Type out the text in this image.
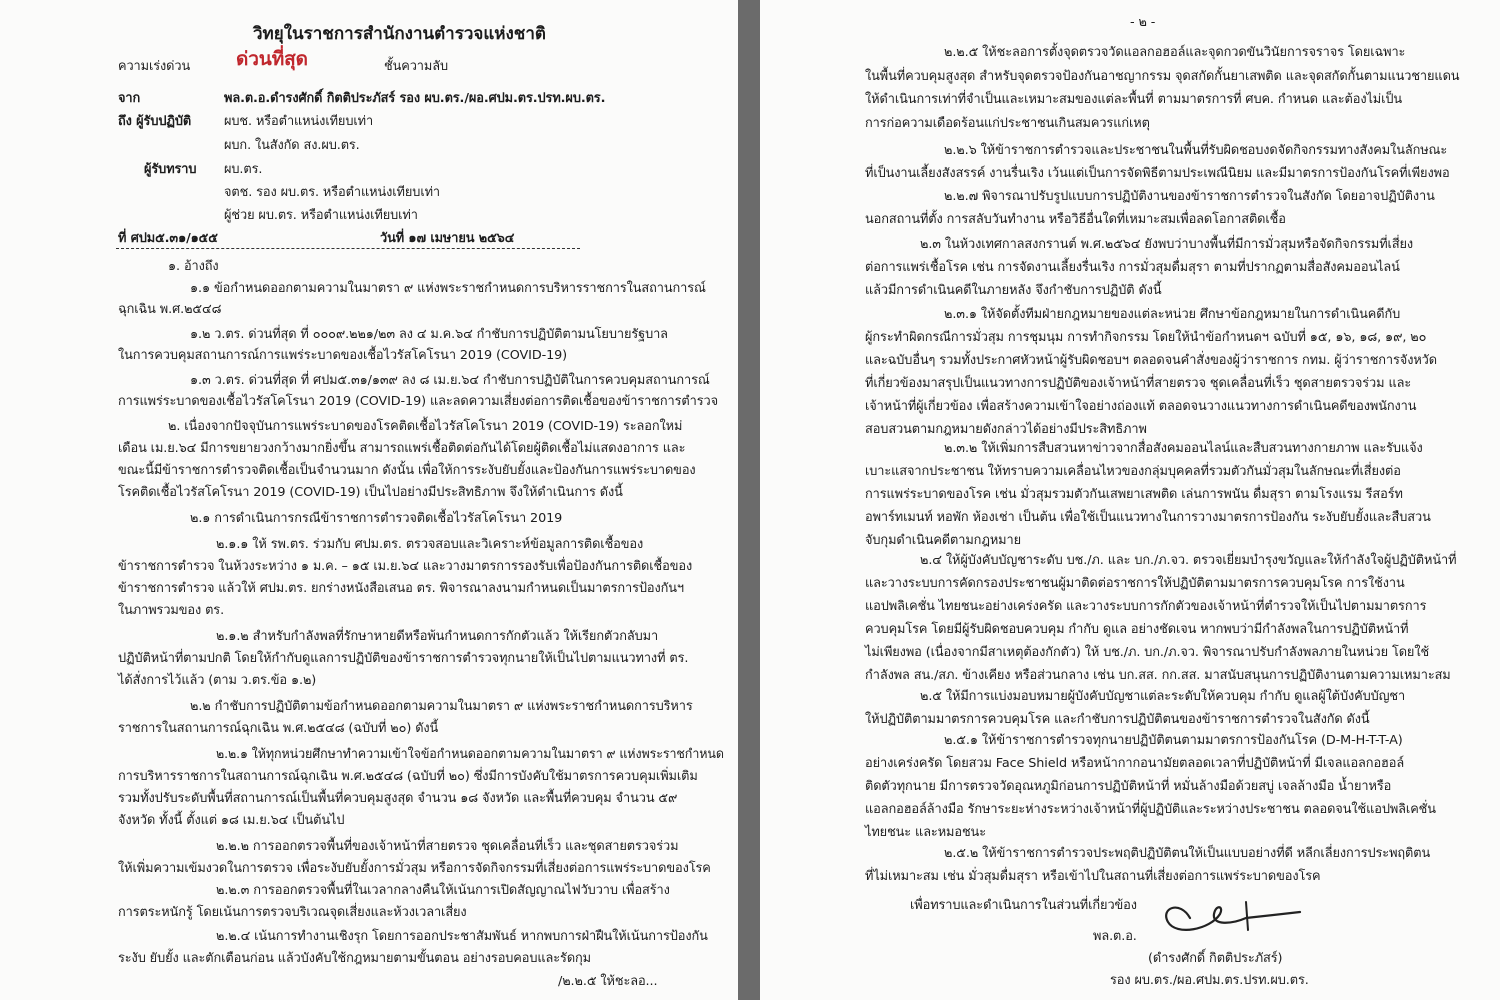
วิทยุในราชการสำนักงานตำรวจแห่งชาติ
ความเร่งด่วน ด่วนที่สุด	ชั้นความลับ
จาก	พล.ต.อ.ดำรงศักดิ์ กิตติประภัสร์ รอง ผบ.ตร./ผอ.ศปม.ตร.ปรท.ผบ.ตร.
ถึง ผู้รับปฏิบัติ	ผบช. หรือตำแหน่งเทียบเท่า
ผบก. ในสังกัด สง.ผบ.ตร.
ผู้รับทราบ ผบ.ตร.
จตช. รอง ผบ.ตร. หรือตำแหน่งเทียบเท่า
ผู้ช่วย ผบ.ตร. หรือตำแหน่งเทียบเท่า
ที่ ศปม๕.๓๑/๑๕๕	วันที่ ๑๗ เมษายน ๒๕๖๔
๑. อ้างถึง
๑.๑ ข้อกำหนดออกตามความในมาตรา ๙ แห่งพระราชกำหนดการบริหารราชการในสถานการณ์
ฉุกเฉิน พ.ศ.๒๕๔๘
๑.๒ ว.ตร. ด่วนที่สุด ที่ ๐๐๐๙.๒๒๑/๒๓ ลง ๔ ม.ค.๖๔ กำชับการปฏิบัติตามนโยบายรัฐบาล
ในการควบคุมสถานการณ์การแพร่ระบาดของเชื้อไวรัสโคโรนา 2019 (COVID-19)
๑.๓ ว.ตร. ด่วนที่สุด ที่ ศปม๕.๓๑/๑๓๙ ลง ๘ เม.ย.๖๔ กำชับการปฏิบัติในการควบคุมสถานการณ์
การแพร่ระบาดของเชื้อไวรัสโคโรนา 2019 (COVID-19) และลดความเสี่ยงต่อการติดเชื้อของข้าราชการตำรวจ
๒. เนื่องจากปัจจุบันการแพร่ระบาดของโรคติดเชื้อไวรัสโคโรนา 2019 (COVID-19) ระลอกใหม่
เดือน เม.ย.๖๔ มีการขยายวงกว้างมากยิ่งขึ้น สามารถแพร่เชื้อติดต่อกันได้โดยผู้ติดเชื้อไม่แสดงอาการ และ
ขณะนี้มีข้าราชการตำรวจติดเชื้อเป็นจำนวนมาก ดังนั้น เพื่อให้การระงับยับยั้งและป้องกันการแพร่ระบาดของ
โรคติดเชื้อไวรัสโคโรนา 2019 (COVID-19) เป็นไปอย่างมีประสิทธิภาพ จึงให้ดำเนินการ ดังนี้
๒.๑ การดำเนินการกรณีข้าราชการตำรวจติดเชื้อไวรัสโคโรนา 2019
๒.๑.๑ ให้ รพ.ตร. ร่วมกับ ศปม.ตร. ตรวจสอบและวิเคราะห์ข้อมูลการติดเชื้อของ
ข้าราชการตำรวจ ในห้วงระหว่าง ๑ ม.ค. – ๑๕ เม.ย.๖๔ และวางมาตรการรองรับเพื่อป้องกันการติดเชื้อของ
ข้าราชการตำรวจ แล้วให้ ศปม.ตร. ยกร่างหนังสือเสนอ ตร. พิจารณาลงนามกำหนดเป็นมาตรการป้องกันฯ
ในภาพรวมของ ตร.
๒.๑.๒ สำหรับกำลังพลที่รักษาหายดีหรือพ้นกำหนดการกักตัวแล้ว ให้เรียกตัวกลับมา
ปฏิบัติหน้าที่ตามปกติ โดยให้กำกับดูแลการปฏิบัติของข้าราชการตำรวจทุกนายให้เป็นไปตามแนวทางที่ ตร.
ได้สั่งการไว้แล้ว (ตาม ว.ตร.ข้อ ๑.๒)
๒.๒ กำชับการปฏิบัติตามข้อกำหนดออกตามความในมาตรา ๙ แห่งพระราชกำหนดการบริหาร
ราชการในสถานการณ์ฉุกเฉิน พ.ศ.๒๕๔๘ (ฉบับที่ ๒๐) ดังนี้
๒.๒.๑ ให้ทุกหน่วยศึกษาทำความเข้าใจข้อกำหนดออกตามความในมาตรา ๙ แห่งพระราชกำหนด
การบริหารราชการในสถานการณ์ฉุกเฉิน พ.ศ.๒๕๔๘ (ฉบับที่ ๒๐) ซึ่งมีการบังคับใช้มาตรการควบคุมเพิ่มเติม
รวมทั้งปรับระดับพื้นที่สถานการณ์เป็นพื้นที่ควบคุมสูงสุด จำนวน ๑๘ จังหวัด และพื้นที่ควบคุม จำนวน ๕๙
จังหวัด ทั้งนี้ ตั้งแต่ ๑๘ เม.ย.๖๔ เป็นต้นไป
๒.๒.๒ การออกตรวจพื้นที่ของเจ้าหน้าที่สายตรวจ ชุดเคลื่อนที่เร็ว และชุดสายตรวจร่วม
ให้เพิ่มความเข้มงวดในการตรวจ เพื่อระงับยับยั้งการมั่วสุม หรือการจัดกิจกรรมที่เสี่ยงต่อการแพร่ระบาดของโรค
๒.๒.๓ การออกตรวจพื้นที่ในเวลากลางคืนให้เน้นการเปิดสัญญาณไฟวับวาบ เพื่อสร้าง
การตระหนักรู้ โดยเน้นการตรวจบริเวณจุดเสี่ยงและห้วงเวลาเสี่ยง
๒.๒.๔ เน้นการทำงานเชิงรุก โดยการออกประชาสัมพันธ์ หากพบการฝ่าฝืนให้เน้นการป้องกัน
ระงับ ยับยั้ง และตักเตือนก่อน แล้วบังคับใช้กฎหมายตามขั้นตอน อย่างรอบคอบและรัดกุม
/๒.๒.๕ ให้ชะลอ...
- ๒ -
๒.๒.๕ ให้ชะลอการตั้งจุดตรวจวัดแอลกอฮอล์และจุดกวดขันวินัยการจราจร โดยเฉพาะ
ในพื้นที่ควบคุมสูงสุด สำหรับจุดตรวจป้องกันอาชญากรรม จุดสกัดกั้นยาเสพติด และจุดสกัดกั้นตามแนวชายแดน
ให้ดำเนินการเท่าที่จำเป็นและเหมาะสมของแต่ละพื้นที่ ตามมาตรการที่ ศบค. กำหนด และต้องไม่เป็น
การก่อความเดือดร้อนแก่ประชาชนเกินสมควรแก่เหตุ
๒.๒.๖ ให้ข้าราชการตำรวจและประชาชนในพื้นที่รับผิดชอบงดจัดกิจกรรมทางสังคมในลักษณะ
ที่เป็นงานเลี้ยงสังสรรค์ งานรื่นเริง เว้นแต่เป็นการจัดพิธีตามประเพณีนิยม และมีมาตรการป้องกันโรคที่เพียงพอ
๒.๒.๗ พิจารณาปรับรูปแบบการปฏิบัติงานของข้าราชการตำรวจในสังกัด โดยอาจปฏิบัติงาน
นอกสถานที่ตั้ง การสลับวันทำงาน หรือวิธีอื่นใดที่เหมาะสมเพื่อลดโอกาสติดเชื้อ
๒.๓ ในห้วงเทศกาลสงกรานต์ พ.ศ.๒๕๖๔ ยังพบว่าบางพื้นที่มีการมั่วสุมหรือจัดกิจกรรมที่เสี่ยง
ต่อการแพร่เชื้อโรค เช่น การจัดงานเลี้ยงรื่นเริง การมั่วสุมดื่มสุรา ตามที่ปรากฏตามสื่อสังคมออนไลน์
แล้วมีการดำเนินคดีในภายหลัง จึงกำชับการปฏิบัติ ดังนี้
๒.๓.๑ ให้จัดตั้งทีมฝ่ายกฎหมายของแต่ละหน่วย ศึกษาข้อกฎหมายในการดำเนินคดีกับ
ผู้กระทำผิดกรณีการมั่วสุม การชุมนุม การทำกิจกรรม โดยให้นำข้อกำหนดฯ ฉบับที่ ๑๕, ๑๖, ๑๘, ๑๙, ๒๐
และฉบับอื่นๆ รวมทั้งประกาศหัวหน้าผู้รับผิดชอบฯ ตลอดจนคำสั่งของผู้ว่าราชการ กทม. ผู้ว่าราชการจังหวัด
ที่เกี่ยวข้องมาสรุปเป็นแนวทางการปฏิบัติของเจ้าหน้าที่สายตรวจ ชุดเคลื่อนที่เร็ว ชุดสายตรวจร่วม และ
เจ้าหน้าที่ผู้เกี่ยวข้อง เพื่อสร้างความเข้าใจอย่างถ่องแท้ ตลอดจนวางแนวทางการดำเนินคดีของพนักงาน
สอบสวนตามกฎหมายดังกล่าวได้อย่างมีประสิทธิภาพ
๒.๓.๒ ให้เพิ่มการสืบสวนหาข่าวจากสื่อสังคมออนไลน์และสืบสวนทางกายภาพ และรับแจ้ง
เบาะแสจากประชาชน ให้ทราบความเคลื่อนไหวของกลุ่มบุคคลที่รวมตัวกันมั่วสุมในลักษณะที่เสี่ยงต่อ
การแพร่ระบาดของโรค เช่น มั่วสุมรวมตัวกันเสพยาเสพติด เล่นการพนัน ดื่มสุรา ตามโรงแรม รีสอร์ท
อพาร์ทเมนท์ หอพัก ห้องเช่า เป็นต้น เพื่อใช้เป็นแนวทางในการวางมาตรการป้องกัน ระงับยับยั้งและสืบสวน
จับกุมดำเนินคดีตามกฎหมาย
๒.๔ ให้ผู้บังคับบัญชาระดับ บช./ภ. และ บก./ภ.จว. ตรวจเยี่ยมบำรุงขวัญและให้กำลังใจผู้ปฏิบัติหน้าที่
และวางระบบการคัดกรองประชาชนผู้มาติดต่อราชการให้ปฏิบัติตามมาตรการควบคุมโรค การใช้งาน
แอปพลิเคชั่น ไทยชนะอย่างเคร่งครัด และวางระบบการกักตัวของเจ้าหน้าที่ตำรวจให้เป็นไปตามมาตรการ
ควบคุมโรค โดยมีผู้รับผิดชอบควบคุม กำกับ ดูแล อย่างชัดเจน หากพบว่ามีกำลังพลในการปฏิบัติหน้าที่
ไม่เพียงพอ (เนื่องจากมีสาเหตุต้องกักตัว) ให้ บช./ภ. บก./ภ.จว. พิจารณาปรับกำลังพลภายในหน่วย โดยใช้
กำลังพล สน./สภ. ข้างเคียง หรือส่วนกลาง เช่น บก.สส. กก.สส. มาสนับสนุนการปฏิบัติงานตามความเหมาะสม
๒.๕ ให้มีการแบ่งมอบหมายผู้บังคับบัญชาแต่ละระดับให้ควบคุม กำกับ ดูแลผู้ใต้บังคับบัญชา
ให้ปฏิบัติตามมาตรการควบคุมโรค และกำชับการปฏิบัติตนของข้าราชการตำรวจในสังกัด ดังนี้
๒.๕.๑ ให้ข้าราชการตำรวจทุกนายปฏิบัติตนตามมาตรการป้องกันโรค (D-M-H-T-T-A)
อย่างเคร่งครัด โดยสวม Face Shield หรือหน้ากากอนามัยตลอดเวลาที่ปฏิบัติหน้าที่ มีเจลแอลกอฮอล์
ติดตัวทุกนาย มีการตรวจวัดอุณหภูมิก่อนการปฏิบัติหน้าที่ หมั่นล้างมือด้วยสบู่ เจลล้างมือ น้ำยาหรือ
แอลกอฮอล์ล้างมือ รักษาระยะห่างระหว่างเจ้าหน้าที่ผู้ปฏิบัติและระหว่างประชาชน ตลอดจนใช้แอปพลิเคชั่น
ไทยชนะ และหมอชนะ
๒.๕.๒ ให้ข้าราชการตำรวจประพฤติปฏิบัติตนให้เป็นแบบอย่างที่ดี หลีกเลี่ยงการประพฤติตน
ที่ไม่เหมาะสม เช่น มั่วสุมดื่มสุรา หรือเข้าไปในสถานที่เสี่ยงต่อการแพร่ระบาดของโรค
เพื่อทราบและดำเนินการในส่วนที่เกี่ยวข้อง
พล.ต.อ.
(ดำรงศักดิ์ กิตติประภัสร์)
รอง ผบ.ตร./ผอ.ศปม.ตร.ปรท.ผบ.ตร.
